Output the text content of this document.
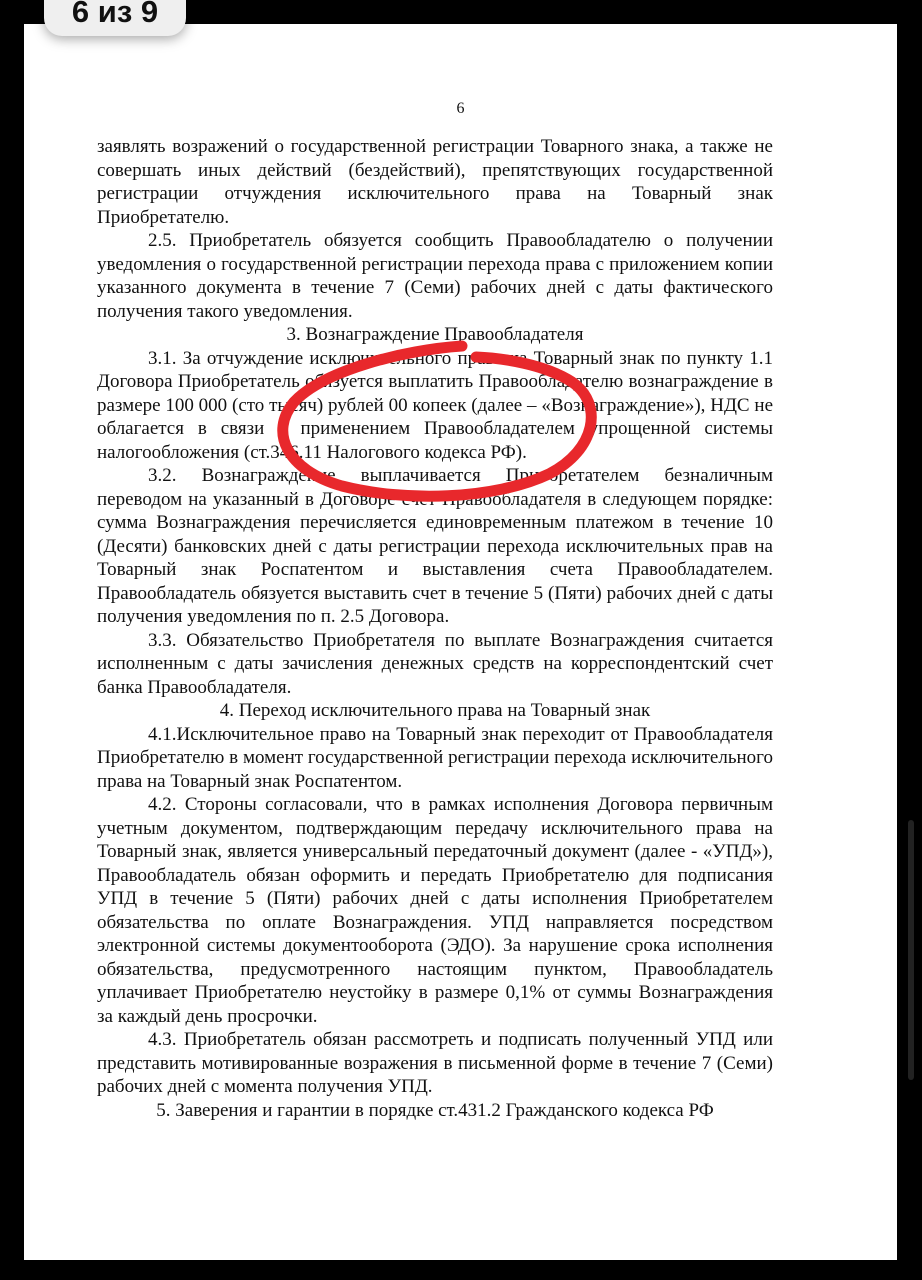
6

заявлять возражений о государственной регистрации Товарного знака, а также не совершать иных действий (бездействий), препятствующих государственной регистрации отчуждения исключительного права на Товарный знак Приобретателю.

2.5. Приобретатель обязуется сообщить Правообладателю о получении уведомления о государственной регистрации перехода права с приложением копии указанного документа в течение 7 (Семи) рабочих дней с даты фактического получения такого уведомления.

3. Вознаграждение Правообладателя

3.1. За отчуждение исключительного права на Товарный знак по пункту 1.1 Договора Приобретатель обязуется выплатить Правообладателю вознаграждение в размере 100 000 (сто тысяч) рублей 00 копеек (далее – «Вознаграждение»), НДС не облагается в связи с применением Правообладателем упрощенной системы налогообложения (ст.346.11 Налогового кодекса РФ).

3.2. Вознаграждение выплачивается Приобретателем безналичным переводом на указанный в Договоре счет Правообладателя в следующем порядке: сумма Вознаграждения перечисляется единовременным платежом в течение 10 (Десяти) банковских дней с даты регистрации перехода исключительных прав на Товарный знак Роспатентом и выставления счета Правообладателем. Правообладатель обязуется выставить счет в течение 5 (Пяти) рабочих дней с даты получения уведомления по п. 2.5 Договора.

3.3. Обязательство Приобретателя по выплате Вознаграждения считается исполненным с даты зачисления денежных средств на корреспондентский счет банка Правообладателя.

4. Переход исключительного права на Товарный знак

4.1.Исключительное право на Товарный знак переходит от Правообладателя Приобретателю в момент государственной регистрации перехода исключительного права на Товарный знак Роспатентом.

4.2. Стороны согласовали, что в рамках исполнения Договора первичным учетным документом, подтверждающим передачу исключительного права на Товарный знак, является универсальный передаточный документ (далее - «УПД»), Правообладатель обязан оформить и передать Приобретателю для подписания УПД в течение 5 (Пяти) рабочих дней с даты исполнения Приобретателем обязательства по оплате Вознаграждения. УПД направляется посредством электронной системы документооборота (ЭДО). За нарушение срока исполнения обязательства, предусмотренного настоящим пунктом, Правообладатель уплачивает Приобретателю неустойку в размере 0,1% от суммы Вознаграждения за каждый день просрочки.

4.3. Приобретатель обязан рассмотреть и подписать полученный УПД или представить мотивированные возражения в письменной форме в течение 7 (Семи) рабочих дней с момента получения УПД.

5. Заверения и гарантии в порядке ст.431.2 Гражданского кодекса РФ

6 из 9
